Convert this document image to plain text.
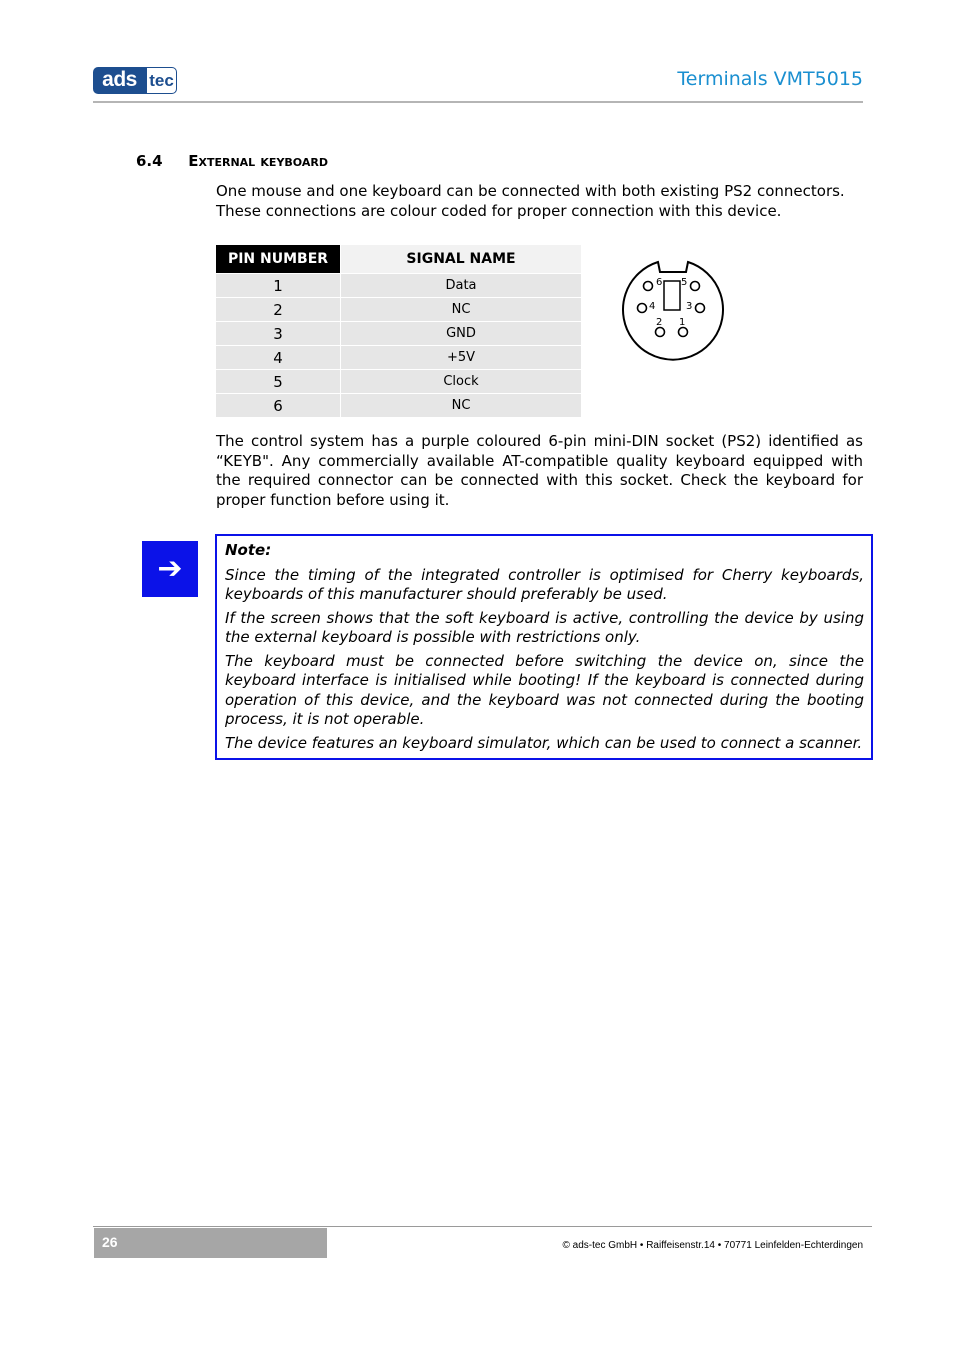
ads tec	Terminals VMT5015
6.4 External keyboard
One mouse and one keyboard can be connected with both existing PS2 connectors. These connections are colour coded for proper connection with this device.
PIN NUMBER	SIGNAL NAME
1	Data
2	NC
3	GND
4	+5V
5	Clock
6	NC
6 5
4	3
2 1
The control system has a purple coloured 6-pin mini-DIN socket (PS2) identified as “KEYB". Any commercially available AT-compatible quality keyboard equipped with the required connector can be connected with this socket. Check the keyboard for proper function before using it.
➔
Note:

Since the timing of the integrated controller is optimised for Cherry keyboards, keyboards of this manufacturer should preferably be used.

If the screen shows that the soft keyboard is active, controlling the device by using the external keyboard is possible with restrictions only.

The keyboard must be connected before switching the device on, since the keyboard interface is initialised while booting! If the keyboard is connected during operation of this device, and the keyboard was not connected during the booting process, it is not operable.

The device features an keyboard simulator, which can be used to connect a scanner.

26	© ads-tec GmbH • Raiffeisenstr.14 • 70771 Leinfelden-Echterdingen
